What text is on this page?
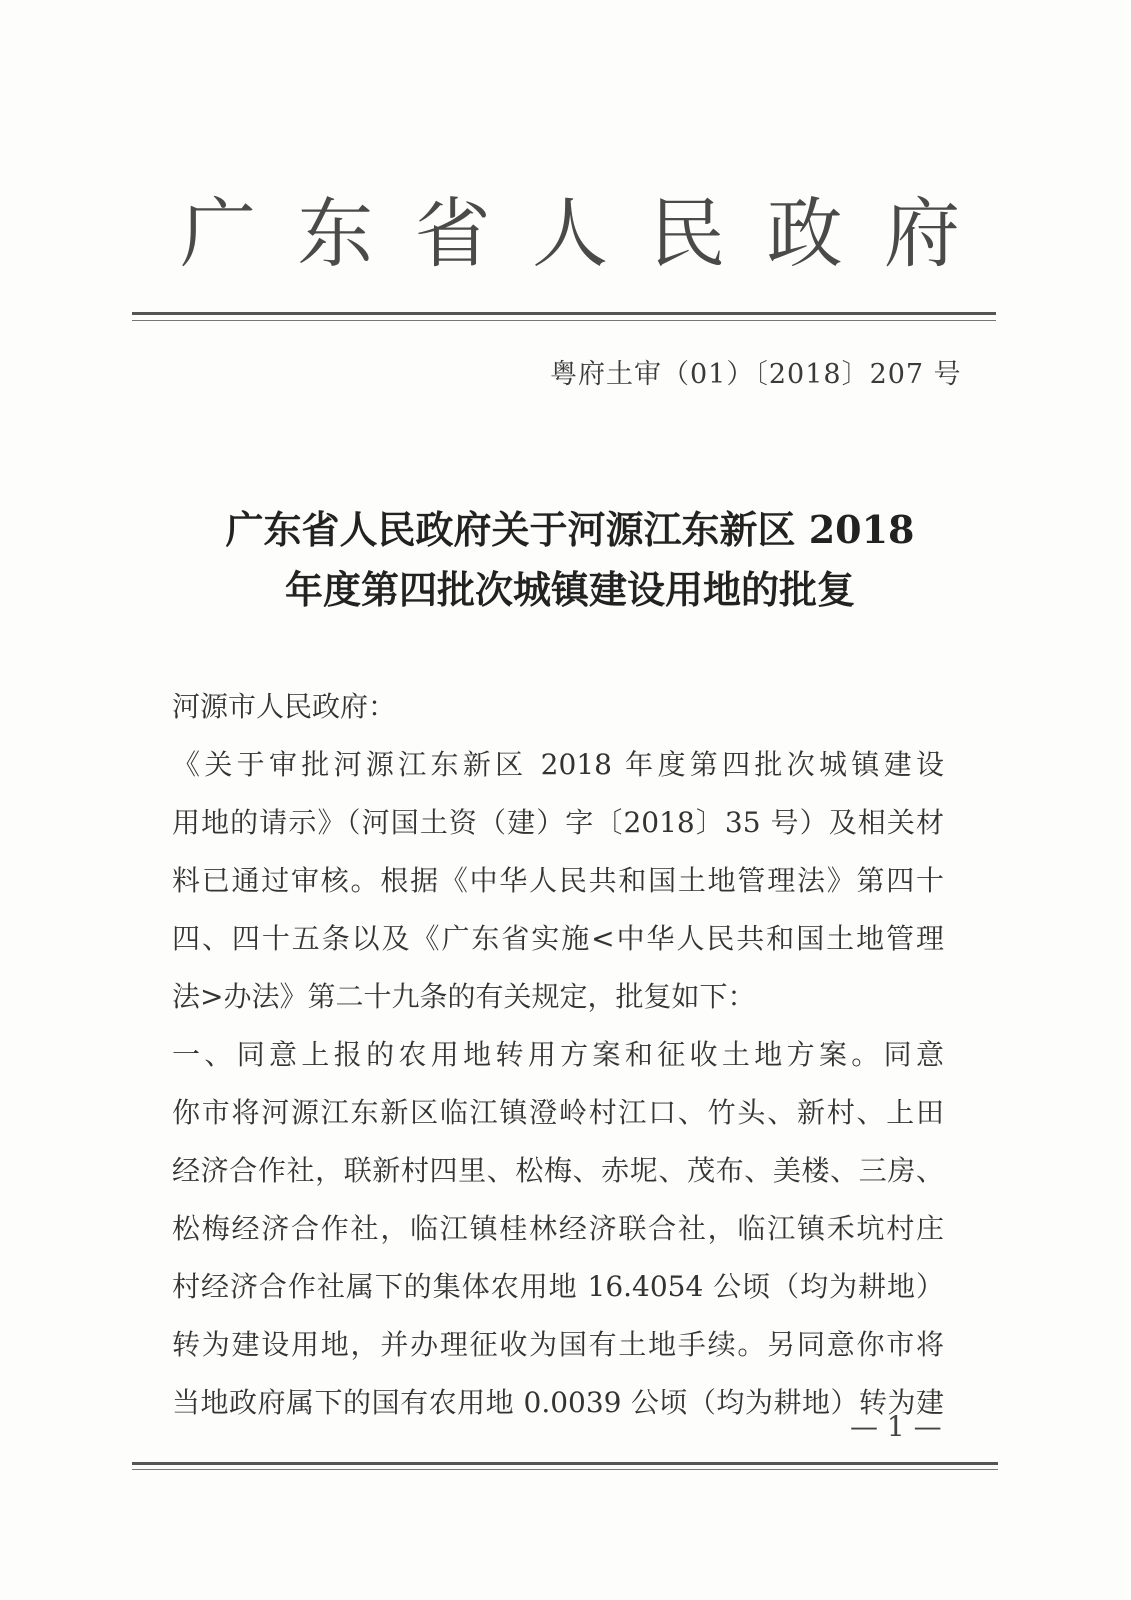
广 东 省 人 民 政 府
粤府土审（01）〔2018〕207 号
广东省人民政府关于河源江东新区 2018
年度第四批次城镇建设用地的批复
河源市人民政府：
《关于审批河源江东新区 2018 年度第四批次城镇建设
用地的请示》（河国土资（建）字〔2018〕35 号）及相关材
料已通过审核。根据《中华人民共和国土地管理法》第四十
四、四十五条以及《广东省实施<中华人民共和国土地管理
法>办法》第二十九条的有关规定，批复如下：
一、同意上报的农用地转用方案和征收土地方案。同意
你市将河源江东新区临江镇澄岭村江口、竹头、新村、上田
经济合作社，联新村四里、松梅、赤坭、茂布、美楼、三房、
松梅经济合作社，临江镇桂林经济联合社，临江镇禾坑村庄
村经济合作社属下的集体农用地 16.4054 公顷（均为耕地）
转为建设用地，并办理征收为国有土地手续。另同意你市将
当地政府属下的国有农用地 0.0039 公顷（均为耕地）转为建
— 1 —
